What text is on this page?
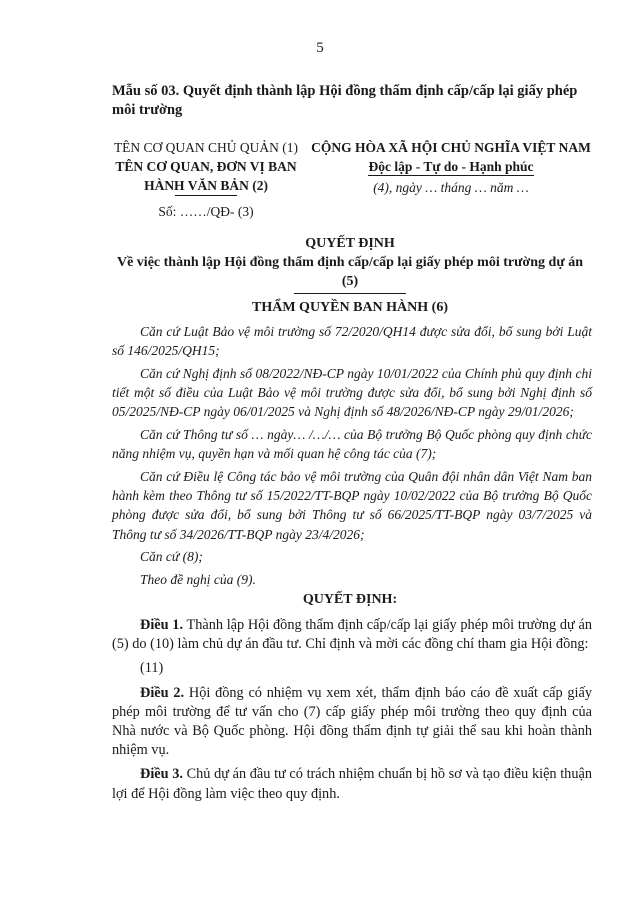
5
Mẫu số 03. Quyết định thành lập Hội đồng thẩm định cấp/cấp lại giấy phép môi trường
TÊN CƠ QUAN CHỦ QUẢN (1)
TÊN CƠ QUAN, ĐƠN VỊ BAN
HÀNH VĂN BẢN (2)
Số: ……/QĐ- (3)
CỘNG HÒA XÃ HỘI CHỦ NGHĨA VIỆT NAM
Độc lập - Tự do - Hạnh phúc
(4), ngày … tháng … năm …
QUYẾT ĐỊNH
Về việc thành lập Hội đồng thẩm định cấp/cấp lại giấy phép môi trường dự án
(5)
THẨM QUYỀN BAN HÀNH (6)

Căn cứ Luật Bảo vệ môi trường số 72/2020/QH14 được sửa đổi, bổ sung bởi Luật số 146/2025/QH15;

Căn cứ Nghị định số 08/2022/NĐ-CP ngày 10/01/2022 của Chính phủ quy định chi tiết một số điều của Luật Bảo vệ môi trường được sửa đổi, bổ sung bởi Nghị định số 05/2025/NĐ-CP ngày 06/01/2025 và Nghị định số 48/2026/NĐ-CP ngày 29/01/2026;

Căn cứ Thông tư số … ngày… /…/… của Bộ trưởng Bộ Quốc phòng quy định chức năng nhiệm vụ, quyền hạn và mối quan hệ công tác của (7);

Căn cứ Điều lệ Công tác bảo vệ môi trường của Quân đội nhân dân Việt Nam ban hành kèm theo Thông tư số 15/2022/TT-BQP ngày 10/02/2022 của Bộ trưởng Bộ Quốc phòng được sửa đổi, bổ sung bởi Thông tư số 66/2025/TT-BQP ngày 03/7/2025 và Thông tư số 34/2026/TT-BQP ngày 23/4/2026;

Căn cứ (8);

Theo đề nghị của (9).

QUYẾT ĐỊNH:

Điều 1. Thành lập Hội đồng thẩm định cấp/cấp lại giấy phép môi trường dự án (5) do (10) làm chủ dự án đầu tư. Chỉ định và mời các đồng chí tham gia Hội đồng:

(11)

Điều 2. Hội đồng có nhiệm vụ xem xét, thẩm định báo cáo đề xuất cấp giấy phép môi trường để tư vấn cho (7) cấp giấy phép môi trường theo quy định của Nhà nước và Bộ Quốc phòng. Hội đồng thẩm định tự giải thể sau khi hoàn thành nhiệm vụ.

Điều 3. Chủ dự án đầu tư có trách nhiệm chuẩn bị hồ sơ và tạo điều kiện thuận lợi để Hội đồng làm việc theo quy định.
